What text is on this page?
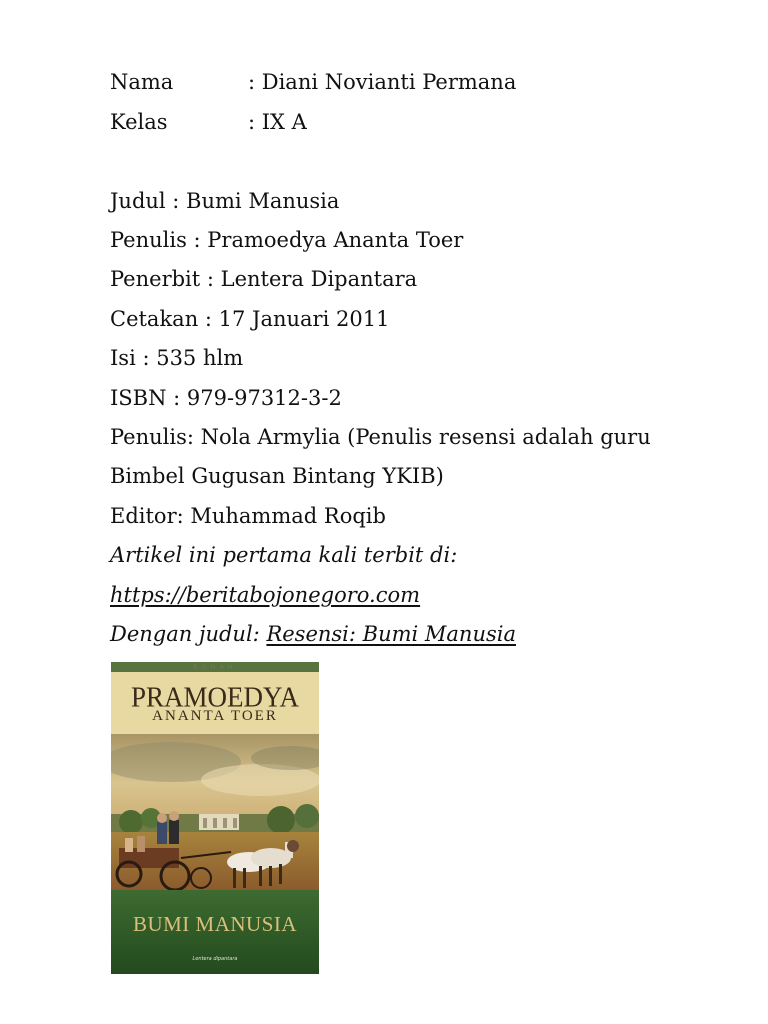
Nama	: Diani Novianti Permana
Kelas	: IX A
Judul : Bumi Manusia
Penulis : Pramoedya Ananta Toer
Penerbit : Lentera Dipantara
Cetakan : 17 Januari 2011
Isi : 535 hlm
ISBN : 979-97312-3-2
Penulis: Nola Armylia (Penulis resensi adalah guru
Bimbel Gugusan Bintang YKIB)
Editor: Muhammad Roqib
Artikel ini pertama kali terbit di:
https://beritabojonegoro.com
Dengan judul: Resensi: Bumi Manusia
ROMAN
PRAMOEDYA
ANANTA TOER
BUMI MANUSIA
Lentera dipantara
